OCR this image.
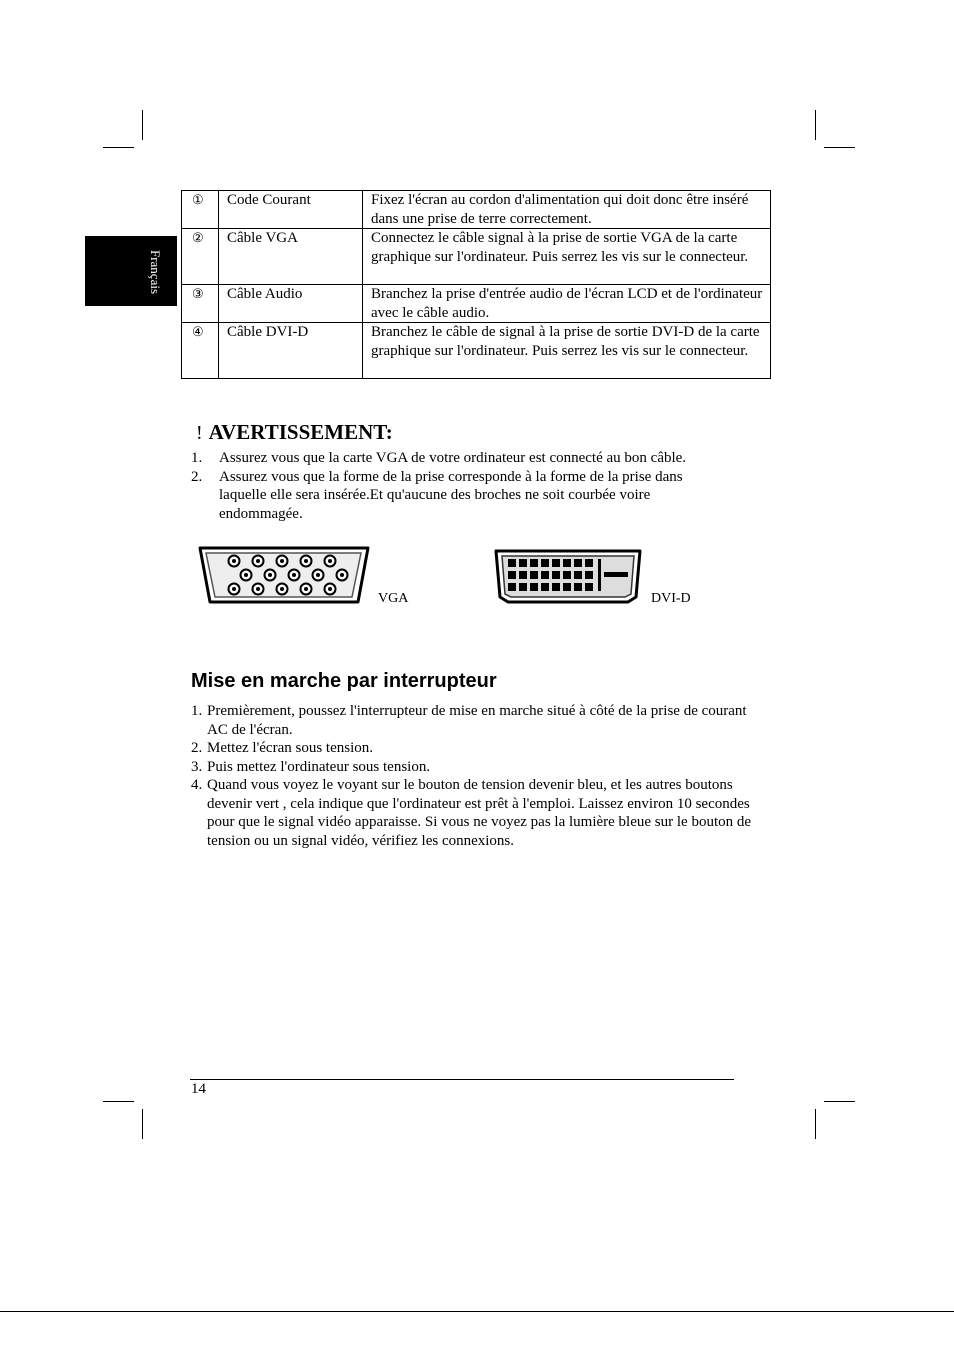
Français
①	Code Courant	Fixez l'écran au cordon d'alimentation qui doit donc être inséré dans une prise de terre correctement.
②	Câble VGA	Connectez le câble signal à la prise de sortie VGA de la carte graphique sur l'ordinateur. Puis serrez les vis sur le connecteur.
③	Câble Audio	Branchez la prise d'entrée audio de l'écran LCD et de l'ordinateur avec le câble audio.
④	Câble DVI-D	Branchez le câble de signal à la prise de sortie DVI-D de la carte graphique sur l'ordinateur. Puis serrez les vis sur le connecteur.
! AVERTISSEMENT:
1. Assurez vous que la carte VGA de votre ordinateur est connecté au bon câble.
2. Assurez vous que la forme de la prise corresponde à la forme de la prise dans laquelle elle sera insérée.Et qu'aucune des broches ne soit courbée voire endommagée.
VGA	DVI-D
Mise en marche par interrupteur
1. Premièrement, poussez l'interrupteur de mise en marche situé à côté de la prise de courant AC de l'écran.
2. Mettez l'écran sous tension.
3. Puis mettez l'ordinateur sous tension.
4. Quand vous voyez le voyant sur le bouton de tension devenir bleu, et les autres boutons devenir vert , cela indique que l'ordinateur est prêt à l'emploi. Laissez environ 10 secondes pour que le signal vidéo apparaisse. Si vous ne voyez pas la lumière bleue sur le bouton de tension ou un signal vidéo, vérifiez les connexions.
14
